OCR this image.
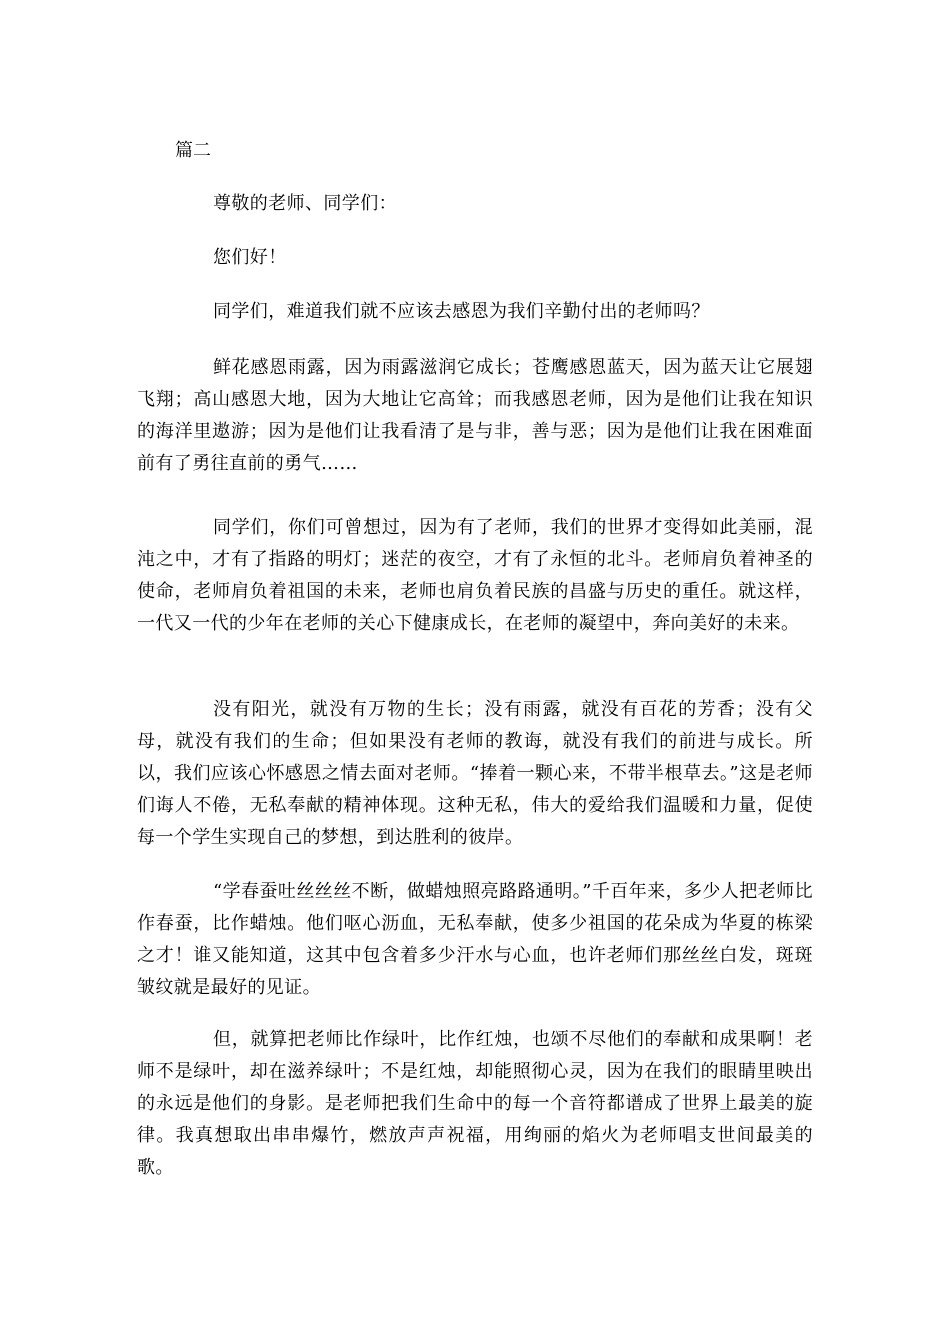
篇二

尊敬的老师、同学们：

您们好！

同学们，难道我们就不应该去感恩为我们辛勤付出的老师吗？

鲜花感恩雨露，因为雨露滋润它成长；苍鹰感恩蓝天，因为蓝天让它展翅飞翔；高山感恩大地，因为大地让它高耸；而我感恩老师，因为是他们让我在知识的海洋里遨游；因为是他们让我看清了是与非，善与恶；因为是他们让我在困难面前有了勇往直前的勇气……

同学们，你们可曾想过，因为有了老师，我们的世界才变得如此美丽，混沌之中，才有了指路的明灯；迷茫的夜空，才有了永恒的北斗。老师肩负着神圣的使命，老师肩负着祖国的未来，老师也肩负着民族的昌盛与历史的重任。就这样，一代又一代的少年在老师的关心下健康成长，在老师的凝望中，奔向美好的未来。

没有阳光，就没有万物的生长；没有雨露，就没有百花的芳香；没有父母，就没有我们的生命；但如果没有老师的教诲，就没有我们的前进与成长。所以，我们应该心怀感恩之情去面对老师。“捧着一颗心来，不带半根草去。”这是老师们诲人不倦，无私奉献的精神体现。这种无私，伟大的爱给我们温暖和力量，促使每一个学生实现自己的梦想，到达胜利的彼岸。

“学春蚕吐丝丝丝不断，做蜡烛照亮路路通明。”千百年来，多少人把老师比作春蚕，比作蜡烛。他们呕心沥血，无私奉献，使多少祖国的花朵成为华夏的栋梁之才！谁又能知道，这其中包含着多少汗水与心血，也许老师们那丝丝白发，斑斑皱纹就是最好的见证。

但，就算把老师比作绿叶，比作红烛，也颂不尽他们的奉献和成果啊！老师不是绿叶，却在滋养绿叶；不是红烛，却能照彻心灵，因为在我们的眼睛里映出的永远是他们的身影。是老师把我们生命中的每一个音符都谱成了世界上最美的旋律。我真想取出串串爆竹，燃放声声祝福，用绚丽的焰火为老师唱支世间最美的歌。
